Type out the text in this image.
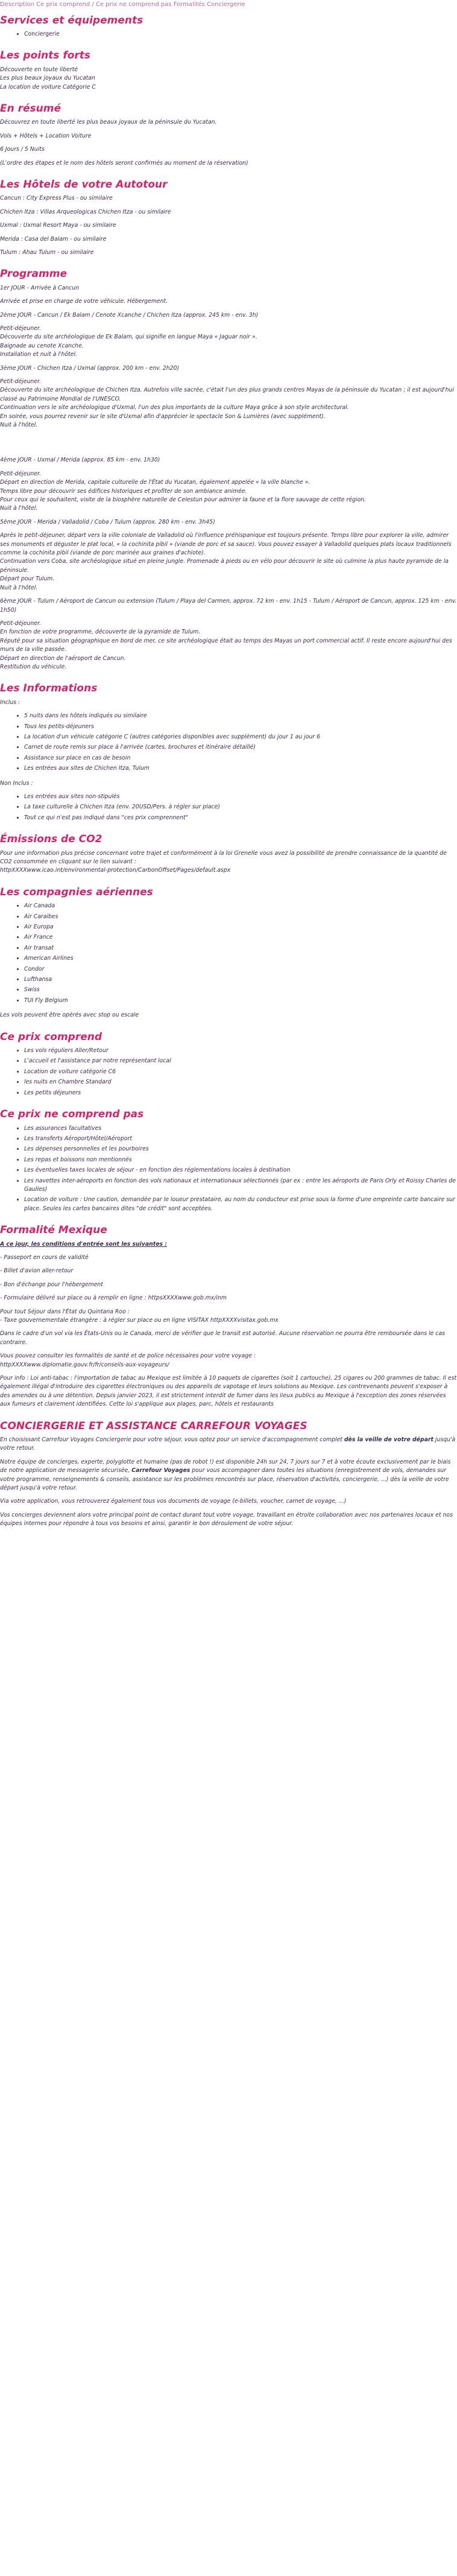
Description Ce prix comprend / Ce prix ne comprend pas Formalités Conciergerie
Services et équipements
• Conciergerie
Les points forts

Découverte en toute liberté
Les plus beaux joyaux du Yucatan
La location de voiture Catégorie C

En résumé

Découvrez en toute liberté les plus beaux joyaux de la péninsule du Yucatan.

Vols + Hôtels + Location Voiture

6 Jours / 5 Nuits

(L'ordre des étapes et le nom des hôtels seront confirmés au moment de la réservation)

Les Hôtels de votre Autotour

Cancun : City Express Plus - ou similaire

Chichen Itza : Villas Arqueologicas Chichen Itza - ou similaire

Uxmal : Uxmal Resort Maya - ou similaire

Merida : Casa del Balam - ou similaire

Tulum : Ahau Tulum - ou similaire

Programme

1er JOUR - Arrivée à Cancun

Arrivée et prise en charge de votre véhicule. Hébergement.

2ème JOUR - Cancun / Ek Balam / Cenote Xcanche / Chichen Itza (approx. 245 km - env. 3h)

Petit-déjeuner.
Découverte du site archéologique de Ek Balam, qui signifie en langue Maya « Jaguar noir ».
Baignade au cenote Xcanche.
Installation et nuit à l'hôtel.

3ème JOUR - Chichen Itza / Uxmal (approx. 200 km - env. 2h20)

Petit-déjeuner.
Découverte du site archéologique de Chichen Itza. Autrefois ville sacrée, c'était l'un des plus grands centres Mayas de la péninsule du Yucatan ; il est aujourd'hui classé au Patrimoine Mondial de l'UNESCO.
Continuation vers le site archéologique d'Uxmal, l'un des plus importants de la culture Maya grâce à son style architectural.
En soirée, vous pourrez revenir sur le site d'Uxmal afin d'apprécier le spectacle Son & Lumières (avec supplément).
Nuit à l'hôtel.

4ème JOUR - Uxmal / Merida (approx. 85 km - env. 1h30)

Petit-déjeuner.
Départ en direction de Merida, capitale culturelle de l'État du Yucatan, également appelée « la ville blanche ».
Temps libre pour découvrir ses édifices historiques et profiter de son ambiance animée.
Pour ceux qui le souhaitent, visite de la biosphère naturelle de Celestun pour admirer la faune et la flore sauvage de cette région.
Nuit à l'hôtel.

5ème JOUR - Merida / Valladolid / Coba / Tulum (approx. 280 km - env. 3h45)

Après le petit-déjeuner, départ vers la ville coloniale de Valladolid où l'influence préhispanique est toujours présente. Temps libre pour explorer la ville, admirer ses monuments et déguster le plat local, « la cochinita pibil » (viande de porc et sa sauce). Vous pouvez essayer à Valladolid quelques plats locaux traditionnels comme la cochinita pibil (viande de porc marinée aux graines d'achiote).
Continuation vers Coba, site archéologique situé en pleine jungle. Promenade à pieds ou en vélo pour découvrir le site où culmine la plus haute pyramide de la péninsule.
Départ pour Tulum.
Nuit à l'hôtel.

6ème JOUR - Tulum / Aéroport de Cancun ou extension (Tulum / Playa del Carmen, approx. 72 km - env. 1h15 - Tulum / Aéroport de Cancun, approx. 125 km - env. 1h50)

Petit-déjeuner.
En fonction de votre programme, découverte de la pyramide de Tulum.
Réputé pour sa situation géographique en bord de mer, ce site archéologique était au temps des Mayas un port commercial actif. Il reste encore aujourd'hui des murs de la ville passée.
Départ en direction de l'aéroport de Cancun.
Restitution du véhicule.

Les Informations

Inclus :

• 5 nuits dans les hôtels indiqués ou similaire
• Tous les petits-déjeuners
• La location d'un véhicule catégorie C (autres catégories disponibles avec supplément) du jour 1 au jour 6
• Carnet de route remis sur place à l'arrivée (cartes, brochures et itinéraire détaillé)
• Assistance sur place en cas de besoin
• Les entrées aux sites de Chichen Itza, Tulum

Non Inclus :

• Les entrées aux sites non-stipulés
• La taxe culturelle à Chichen Itza (env. 20USD/Pers. à régler sur place)
• Tout ce qui n'est pas indiqué dans "ces prix comprennent"
Émissions de CO2

Pour une information plus précise concernant votre trajet et conformément à la loi Grenelle vous avez la possibilité de prendre connaissance de la quantité de CO2 consommée en cliquant sur le lien suivant :
httpXXXXwww.icao.int/environmental-protection/CarbonOffset/Pages/default.aspx

Les compagnies aériennes
• Air Canada
• Air Caraibes
• Air Europa
• Air France
• Air transat
• American Airlines
• Condor
• Lufthansa
• Swiss
• TUI Fly Belgium

Les vols peuvent être opérés avec stop ou escale

Ce prix comprend
• Les vols réguliers Aller/Retour
• L'accueil et l'assistance par notre représentant local
• Location de voiture catégorie C6
• les nuits en Chambre Standard
• Les petits déjeuners
Ce prix ne comprend pas
• Les assurances facultatives
• Les transferts Aéroport/Hôtel/Aéroport
• Les dépenses personnelles et les pourboires
• Les repas et boissons non mentionnés
• Les éventuelles taxes locales de séjour - en fonction des réglementations locales à destination
• Les navettes inter-aéroports en fonction des vols nationaux et internationaux sélectionnés (par ex : entre les aéroports de Paris Orly et Roissy Charles de Gaulles)
• Location de voiture : Une caution, demandée par le loueur prestataire, au nom du conducteur est prise sous la forme d'une empreinte carte bancaire sur place. Seules les cartes bancaires dites "de crédit" sont acceptées.
Formalité Mexique

A ce jour, les conditions d'entrée sont les suivantes :

- Passeport en cours de validité

- Billet d'avion aller-retour

- Bon d'échange pour l'hébergement

- Formulaire délivré sur place ou à remplir en ligne : httpsXXXXwww.gob.mx/inm

Pour tout Séjour dans l'État du Quintana Roo :
- Taxe gouvernementale étrangère : à régler sur place ou en ligne VISITAX httpXXXXvisitax.gob.mx

Dans le cadre d'un vol via les États-Unis ou le Canada, merci de vérifier que le transit est autorisé. Aucune réservation ne pourra être remboursée dans le cas contraire.

Vous pouvez consulter les formalités de santé et de police nécessaires pour votre voyage :
httpXXXXwww.diplomatie.gouv.fr/fr/conseils-aux-voyageurs/

Pour info : Loi anti-tabac : l'importation de tabac au Mexique est limitée à 10 paquets de cigarettes (soit 1 cartouche), 25 cigares ou 200 grammes de tabac. Il est également illégal d'introduire des cigarettes électroniques ou des appareils de vapotage et leurs solutions au Mexique. Les contrevenants peuvent s'exposer à des amendes ou à une détention. Depuis janvier 2023, il est strictement interdit de fumer dans les lieux publics au Mexique à l'exception des zones réservées aux fumeurs et clairement identifiées. Cette loi s'applique aux plages, parc, hôtels et restaurants

CONCIERGERIE ET ASSISTANCE CARREFOUR VOYAGES

En choisissant Carrefour Voyages Conciergerie pour votre séjour, vous optez pour un service d'accompagnement complet dès la veille de votre départ jusqu'à votre retour.

Notre équipe de concierges, experte, polyglotte et humaine (pas de robot !) est disponible 24h sur 24, 7 jours sur 7 et à votre écoute exclusivement par le biais de notre application de messagerie sécurisée, Carrefour Voyages pour vous accompagner dans toutes les situations (enregistrement de vols, demandes sur votre programme, renseignements & conseils, assistance sur les problèmes rencontrés sur place, réservation d'activités, conciergerie, ...) dès la veille de votre départ jusqu'à votre retour.

Via votre application, vous retrouverez également tous vos documents de voyage (e-billets, voucher, carnet de voyage, ...)

Vos concierges deviennent alors votre principal point de contact durant tout votre voyage, travaillant en étroite collaboration avec nos partenaires locaux et nos équipes internes pour répondre à tous vos besoins et ainsi, garantir le bon déroulement de votre séjour.
